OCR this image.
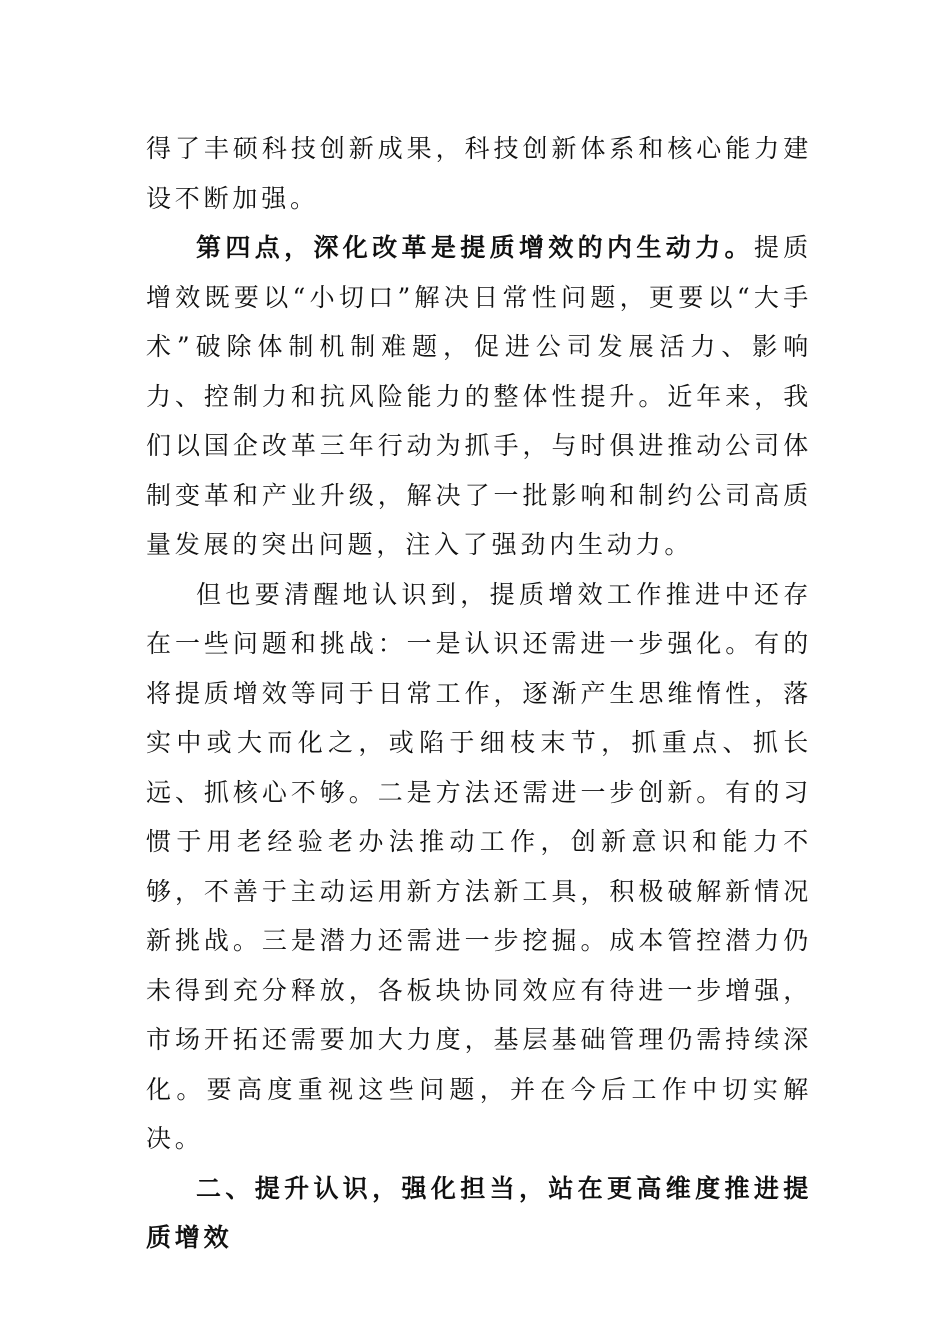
得了丰硕科技创新成果，科技创新体系和核心能力建设不断加强。

第四点，深化改革是提质增效的内生动力。提质增效既要以“小切口”解决日常性问题，更要以“大手术”破除体制机制难题，促进公司发展活力、影响力、控制力和抗风险能力的整体性提升。近年来，我们以国企改革三年行动为抓手，与时俱进推动公司体制变革和产业升级，解决了一批影响和制约公司高质量发展的突出问题，注入了强劲内生动力。

但也要清醒地认识到，提质增效工作推进中还存在一些问题和挑战：一是认识还需进一步强化。有的将提质增效等同于日常工作，逐渐产生思维惰性，落实中或大而化之，或陷于细枝末节，抓重点、抓长远、抓核心不够。二是方法还需进一步创新。有的习惯于用老经验老办法推动工作，创新意识和能力不够，不善于主动运用新方法新工具，积极破解新情况新挑战。三是潜力还需进一步挖掘。成本管控潜力仍未得到充分释放，各板块协同效应有待进一步增强，市场开拓还需要加大力度，基层基础管理仍需持续深化。要高度重视这些问题，并在今后工作中切实解决。

二、提升认识，强化担当，站在更高维度推进提质增效
